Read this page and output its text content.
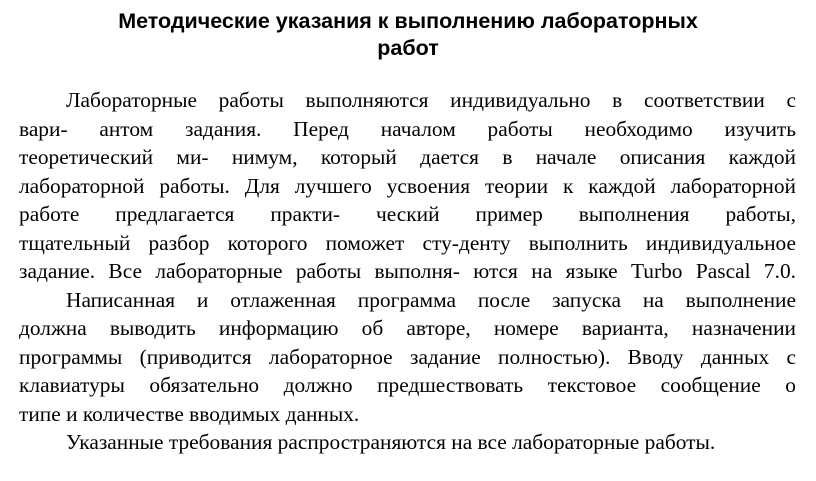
Методические указания к выполнению лабораторных
работ
Лабораторные работы выполняются индивидуально в соответствии с
вари- антом задания. Перед началом работы необходимо изучить
теоретический ми- нимум, который дается в начале описания каждой
лабораторной работы. Для лучшего усвоения теории к каждой лабораторной
работе предлагается практи- ческий пример выполнения работы,
тщательный разбор которого поможет сту-денту выполнить индивидуальное
задание. Все лабораторные работы выполня- ются на языке Turbo Pascal 7.0.
Написанная и отлаженная программа после запуска на выполнение
должна выводить информацию об авторе, номере варианта, назначении
программы (приводится лабораторное задание полностью). Вводу данных с
клавиатуры обязательно должно предшествовать текстовое сообщение о
типе и количестве вводимых данных.
Указанные требования распространяются на все лабораторные работы.
